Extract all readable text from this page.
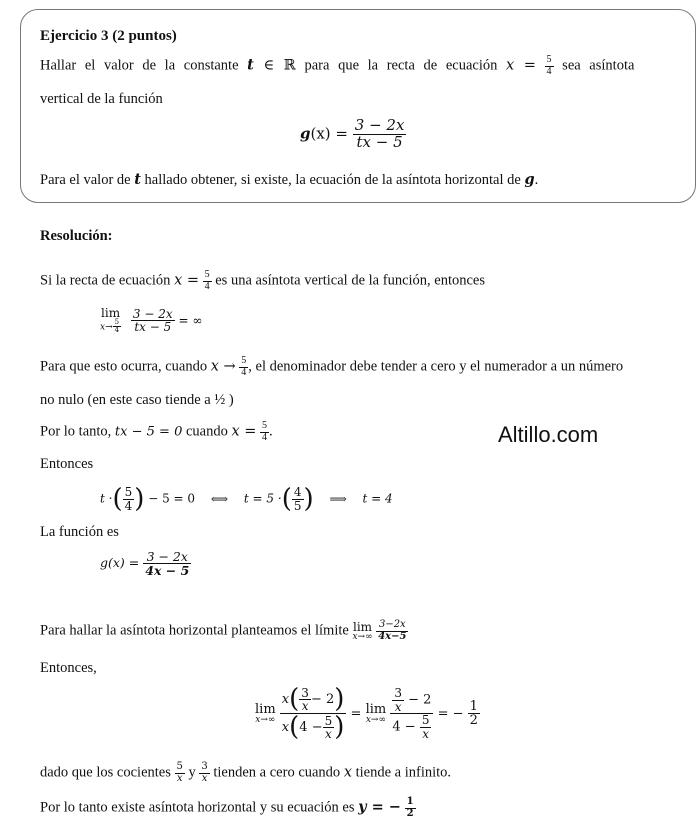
Ejercicio 3 (2 puntos)
Hallar el valor de la constante t ∈ ℝ para que la recta de ecuación $x = \frac{5}{4}$ sea asíntota
vertical de la función
$g(x) = \frac{3 - 2x}{tx - 5}$
Para el valor de t hallado obtener, si existe, la ecuación de la asíntota horizontal de g.
Resolución:
Si la recta de ecuación $x = \frac{5}{4}$ es una asíntota vertical de la función, entonces
lim
$x\to \frac{5}{4}$
$\frac{3 - 2x}{tx - 5}$ = ∞
Para que esto ocurra, cuando $x \to \frac{5}{4}$ , el denominador debe tender a cero y el numerador a un número
no nulo (en este caso tiende a ½ )
Por lo tanto, tx − 5 = 0 cuando $x = \frac{5}{4}$ .	Altillo.com
Entonces
t ·( $\frac{5}{4}$ ) − 5 = 0 ⟺ t = 5 ·( $\frac{4}{5}$ ) ⟹ t = 4
La función es
$g(x) = \frac{3 - 2x}{4x - 5}$
Para hallar la asíntota horizontal planteamos el límite lim
x→∞
$\frac{3-2x}{4x-5}$
Entonces,
lim
x→∞
$\frac{x( \frac{3}{x} - 2)}{x(4 - \frac{5}{x} )} = \lim$
x→∞
$\frac{\frac{3}{x} - 2}{4 - \frac{5}{x}}$ = − $\frac{1}{2}$
dado que los cocientes $\frac{5}{x}$ y $\frac{3}{x}$ tienden a cero cuando x tiende a infinito.
Por lo tanto existe asíntota horizontal y su ecuación es y = − $\frac{1}{2}$
